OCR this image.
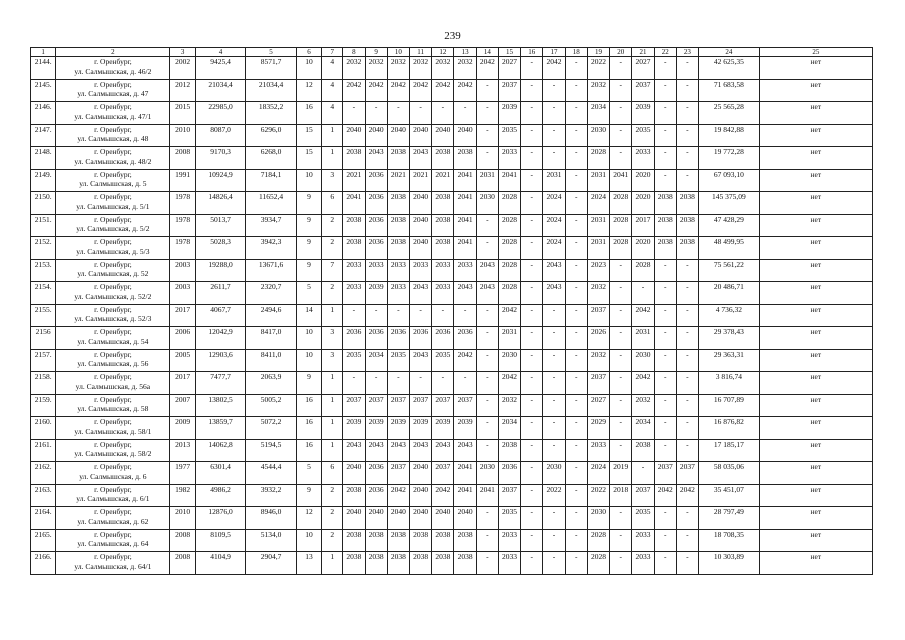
239
1	2	3	4	5	6	7	8	9	10	11	12	13	14	15	16	17	18	19	20	21	22	23	24	25
2144.	г. Оренбург,
ул. Салмышская, д. 46/2	2002	9425,4	8571,7	10	4	2032	2032	2032	2032	2032	2032	2042	2027	-	2042	-	2022	-	2027	-	-	42 625,35	нет
2145.	г. Оренбург,
ул. Салмышская, д. 47	2012	21034,4	21034,4	12	4	2042	2042	2042	2042	2042	2042	-	2037	-	-	-	2032	-	2037	-	-	71 683,58	нет
2146.	г. Оренбург,
ул. Салмышская, д. 47/1	2015	22985,0	18352,2	16	4	-	-	-	-	-	-	-	2039	-	-	-	2034	-	2039	-	-	25 565,28	нет
2147.	г. Оренбург,
ул. Салмышская, д. 48	2010	8087,0	6296,0	15	1	2040	2040	2040	2040	2040	2040	-	2035	-	-	-	2030	-	2035	-	-	19 842,88	нет
2148.	г. Оренбург,
ул. Салмышская, д. 48/2	2008	9170,3	6268,0	15	1	2038	2043	2038	2043	2038	2038	-	2033	-	-	-	2028	-	2033	-	-	19 772,28	нет
2149.	г. Оренбург,
ул. Салмышская, д. 5	1991	10924,9	7184,1	10	3	2021	2036	2021	2021	2021	2041	2031	2041	-	2031	-	2031	2041	2020	-	-	67 093,10	нет
2150.	г. Оренбург,
ул. Салмышская, д. 5/1	1978	14826,4	11652,4	9	6	2041	2036	2038	2040	2038	2041	2030	2028	-	2024	-	2024	2028	2020	2038	2038	145 375,09	нет
2151.	г. Оренбург,
ул. Салмышская, д. 5/2	1978	5013,7	3934,7	9	2	2038	2036	2038	2040	2038	2041	-	2028	-	2024	-	2031	2028	2017	2038	2038	47 428,29	нет
2152.	г. Оренбург,
ул. Салмышская, д. 5/3	1978	5028,3	3942,3	9	2	2038	2036	2038	2040	2038	2041	-	2028	-	2024	-	2031	2028	2020	2038	2038	48 499,95	нет
2153.	г. Оренбург,
ул. Салмышская, д. 52	2003	19288,0	13671,6	9	7	2033	2033	2033	2033	2033	2033	2043	2028	-	2043	-	2023	-	2028	-	-	75 561,22	нет
2154.	г. Оренбург,
ул. Салмышская, д. 52/2	2003	2611,7	2320,7	5	2	2033	2039	2033	2043	2033	2043	2043	2028	-	2043	-	2032	-	-	-	-	20 486,71	нет
2155.	г. Оренбург,
ул. Салмышская, д. 52/3	2017	4067,7	2494,6	14	1	-	-	-	-	-	-	-	2042	-	-	-	2037	-	2042	-	-	4 736,32	нет
2156	г. Оренбург,
ул. Салмышская, д. 54	2006	12042,9	8417,0	10	3	2036	2036	2036	2036	2036	2036	-	2031	-	-	-	2026	-	2031	-	-	29 378,43	нет
2157.	г. Оренбург,
ул. Салмышская, д. 56	2005	12903,6	8411,0	10	3	2035	2034	2035	2043	2035	2042	-	2030	-	-	-	2032	-	2030	-	-	29 363,31	нет
2158.	г. Оренбург,
ул. Салмышская, д. 56а	2017	7477,7	2063,9	9	1	-	-	-	-	-	-	-	2042	-	-	-	2037	-	2042	-	-	3 816,74	нет
2159.	г. Оренбург,
ул. Салмышская, д. 58	2007	13802,5	5005,2	16	1	2037	2037	2037	2037	2037	2037	-	2032	-	-	-	2027	-	2032	-	-	16 707,89	нет
2160.	г. Оренбург,
ул. Салмышская, д. 58/1	2009	13859,7	5072,2	16	1	2039	2039	2039	2039	2039	2039	-	2034	-	-	-	2029	-	2034	-	-	16 876,82	нет
2161.	г. Оренбург,
ул. Салмышская, д. 58/2	2013	14062,8	5194,5	16	1	2043	2043	2043	2043	2043	2043	-	2038	-	-	-	2033	-	2038	-	-	17 185,17	нет
2162.	г. Оренбург,
ул. Салмышская, д. 6	1977	6301,4	4544,4	5	6	2040	2036	2037	2040	2037	2041	2030	2036	-	2030	-	2024	2019	-	2037	2037	58 035,06	нет
2163.	г. Оренбург,
ул. Салмышская, д. 6/1	1982	4986,2	3932,2	9	2	2038	2036	2042	2040	2042	2041	2041	2037	-	2022	-	2022	2018	2037	2042	2042	35 451,07	нет
2164.	г. Оренбург,
ул. Салмышская, д. 62	2010	12876,0	8946,0	12	2	2040	2040	2040	2040	2040	2040	-	2035	-	-	-	2030	-	2035	-	-	28 797,49	нет
2165.	г. Оренбург,
ул. Салмышская, д. 64	2008	8109,5	5134,0	10	2	2038	2038	2038	2038	2038	2038	-	2033	-	-	-	2028	-	2033	-	-	18 708,35	нет
2166.	г. Оренбург,
ул. Салмышская, д. 64/1	2008	4104,9	2904,7	13	1	2038	2038	2038	2038	2038	2038	-	2033	-	-	-	2028	-	2033	-	-	10 303,89	нет
